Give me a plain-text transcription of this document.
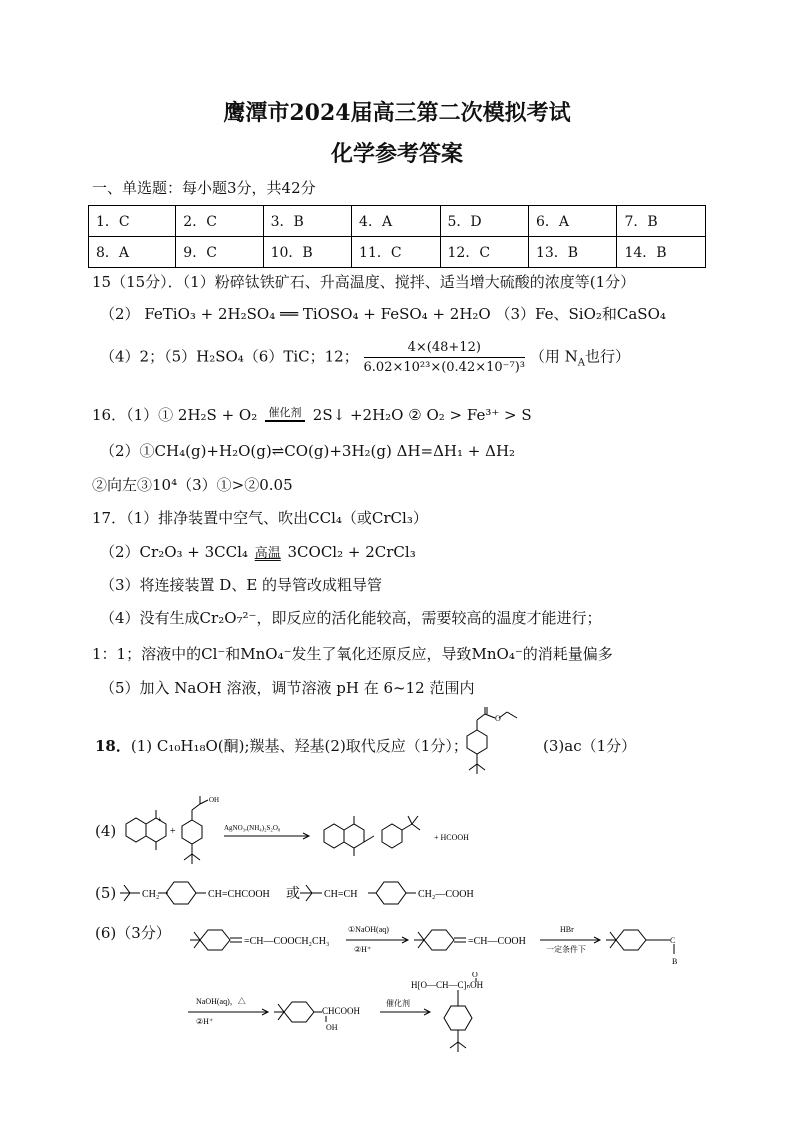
鹰潭市2024届高三第二次模拟考试
化学参考答案
一、单选题：每小题3分，共42分
1．C	2．C	3．B	4．A	5．D	6．A	7．B
8．A	9．C	10．B	11．C	12．C	13．B	14．B
15（15分）．（1）粉碎钛铁矿石、升高温度、搅拌、适当增大硫酸的浓度等(1分）
（2） FeTiO₃ + 2H₂SO₄ ══ TiOSO₄ + FeSO₄ + 2H₂O （3）Fe、SiO₂和CaSO₄
（4）2；（5）H₂SO₄（6）TiC；12； $\frac{4\times(48+12)}{\text{6.02×10²³×(0.42×10⁻⁷)³}}$ （用 $N_A$也行）
16．（1）① 2H₂S + O₂ 催化剂 2S↓ +2H₂O ② O₂ > Fe³⁺ > S
（2）①CH₄(g)+H₂O(g)⇌CO(g)+3H₂(g) ΔH=ΔH₁ + ΔH₂
②向左③10⁴（3）①>②0.05
17．（1）排净装置中空气、吹出CCl₄（或CrCl₃）
（2）Cr₂O₃ + 3CCl₄ 高温 3COCl₂ + 2CrCl₃
（3）将连接装置 D、E 的导管改成粗导管
（4）没有生成Cr₂O₇²⁻，即反应的活化能较高，需要较高的温度才能进行；
1：1；溶液中的Cl⁻和MnO₄⁻发生了氧化还原反应，导致MnO₄⁻的消耗量偏多
（5）加入 NaOH 溶液，调节溶液 pH 在 6~12 范围内
18．(1) C₁₀H₁₈O(酮);羰基、羟基(2)取代反应（1分）；
O
(3)ac（1分）
(4)
+
+
OH
AgNO₃,(NH₄)₂S₂O₈
+ HCOOH
(5)	CH₂	CH=CHCOOH 或 CH=CH	CH₂—COOH
(6)（3分）	=CH—COOCH₂CH₃
①NaOH(aq)
②H⁺
=CH—COOH
HBr
一定条件下
C
B
NaOH(aq)，△
②H⁺
CHCOOH
OH
催化剂
H[O—CH—C]ₙOH
O
